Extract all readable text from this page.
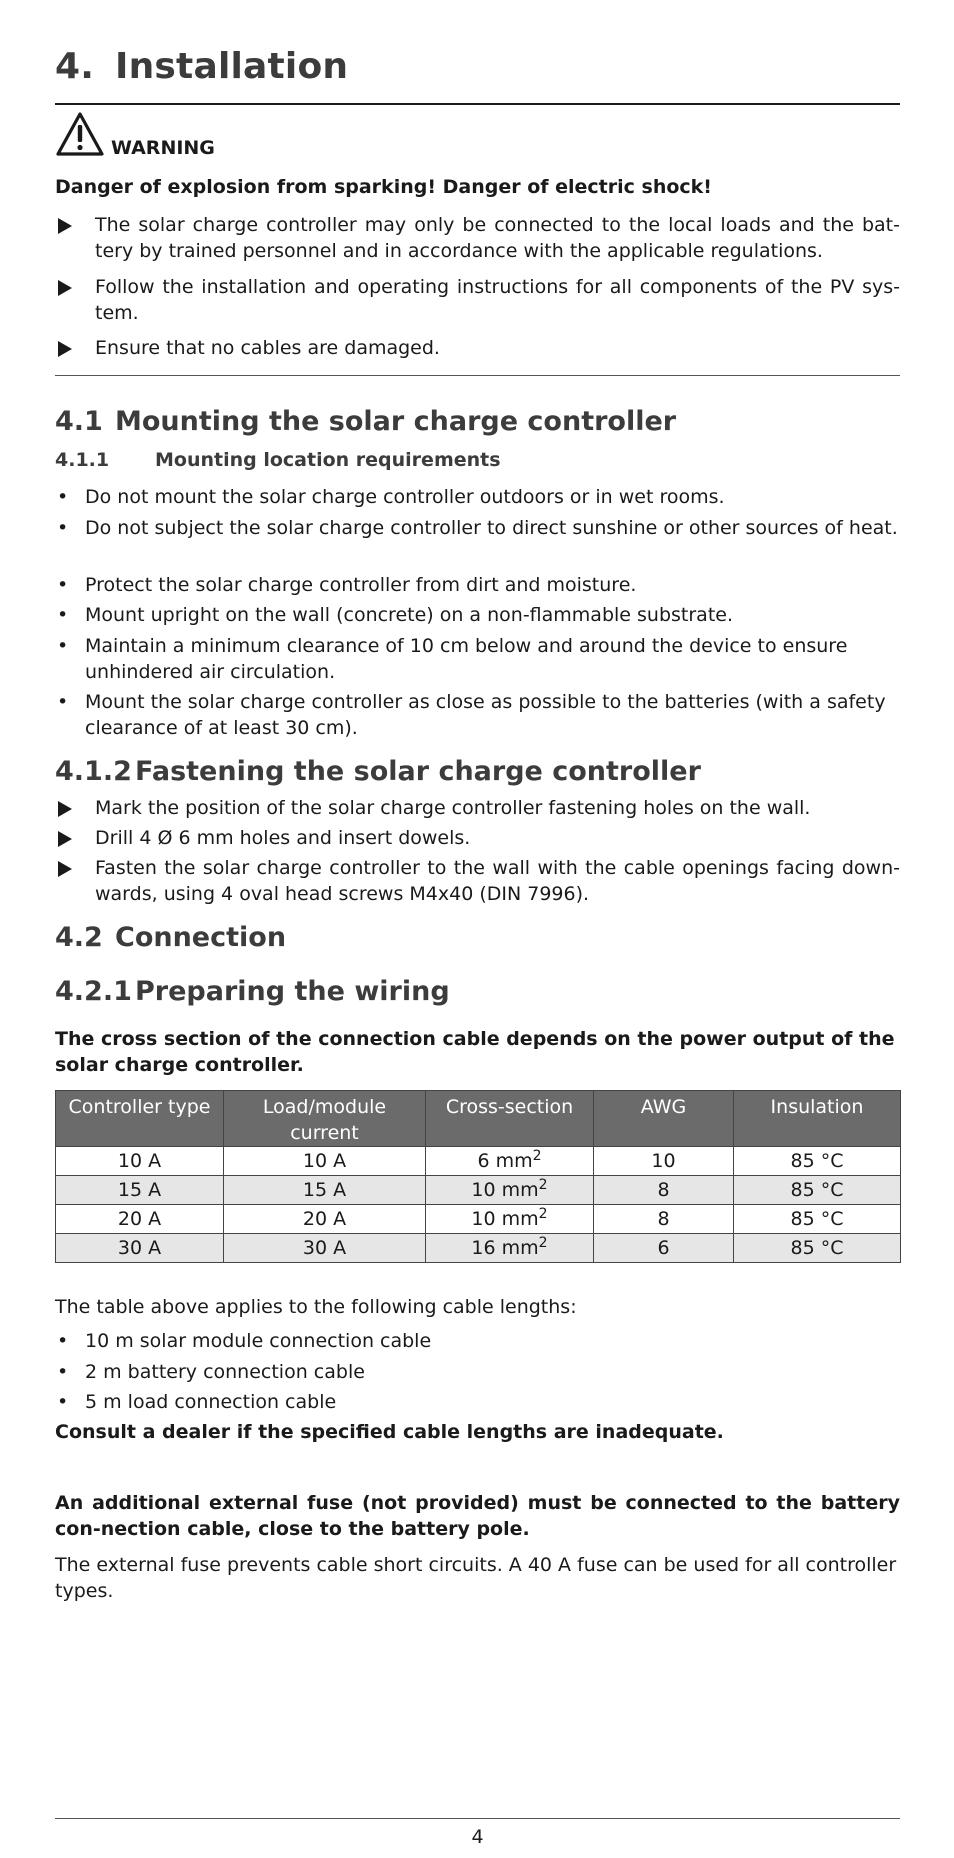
4. Installation
WARNING
Danger of explosion from sparking! Danger of electric shock!
The solar charge controller may only be connected to the local loads and the bat-tery by trained personnel and in accordance with the applicable regulations.
Follow the installation and operating instructions for all components of the PV sys-tem.
Ensure that no cables are damaged.
4.1 Mounting the solar charge controller
4.1.1 Mounting location requirements
• Do not mount the solar charge controller outdoors or in wet rooms.
• Do not subject the solar charge controller to direct sunshine or other sources of heat.
• Protect the solar charge controller from dirt and moisture.
• Mount upright on the wall (concrete) on a non-flammable substrate.
• Maintain a minimum clearance of 10 cm below and around the device to ensure unhindered air circulation.
• Mount the solar charge controller as close as possible to the batteries (with a safety clearance of at least 30 cm).
4.1.2 Fastening the solar charge controller
Mark the position of the solar charge controller fastening holes on the wall.
Drill 4 Ø 6 mm holes and insert dowels.
Fasten the solar charge controller to the wall with the cable openings facing down-wards, using 4 oval head screws M4x40 (DIN 7996).
4.2 Connection
4.2.1 Preparing the wiring
The cross section of the connection cable depends on the power output of the solar charge controller.
Controller type	Load/module current	Cross-section	AWG	Insulation
10 A	10 A	6 $mm^2$	10	85 °C
15 A	15 A	10 $mm^2$	8	85 °C
20 A	20 A	10 $mm^2$	8	85 °C
30 A	30 A	16 $mm^2$	6	85 °C
The table above applies to the following cable lengths:
• 10 m solar module connection cable
• 2 m battery connection cable
• 5 m load connection cable
Consult a dealer if the specified cable lengths are inadequate.
An additional external fuse (not provided) must be connected to the battery con-nection cable, close to the battery pole.
The external fuse prevents cable short circuits. A 40 A fuse can be used for all controller types.
4
